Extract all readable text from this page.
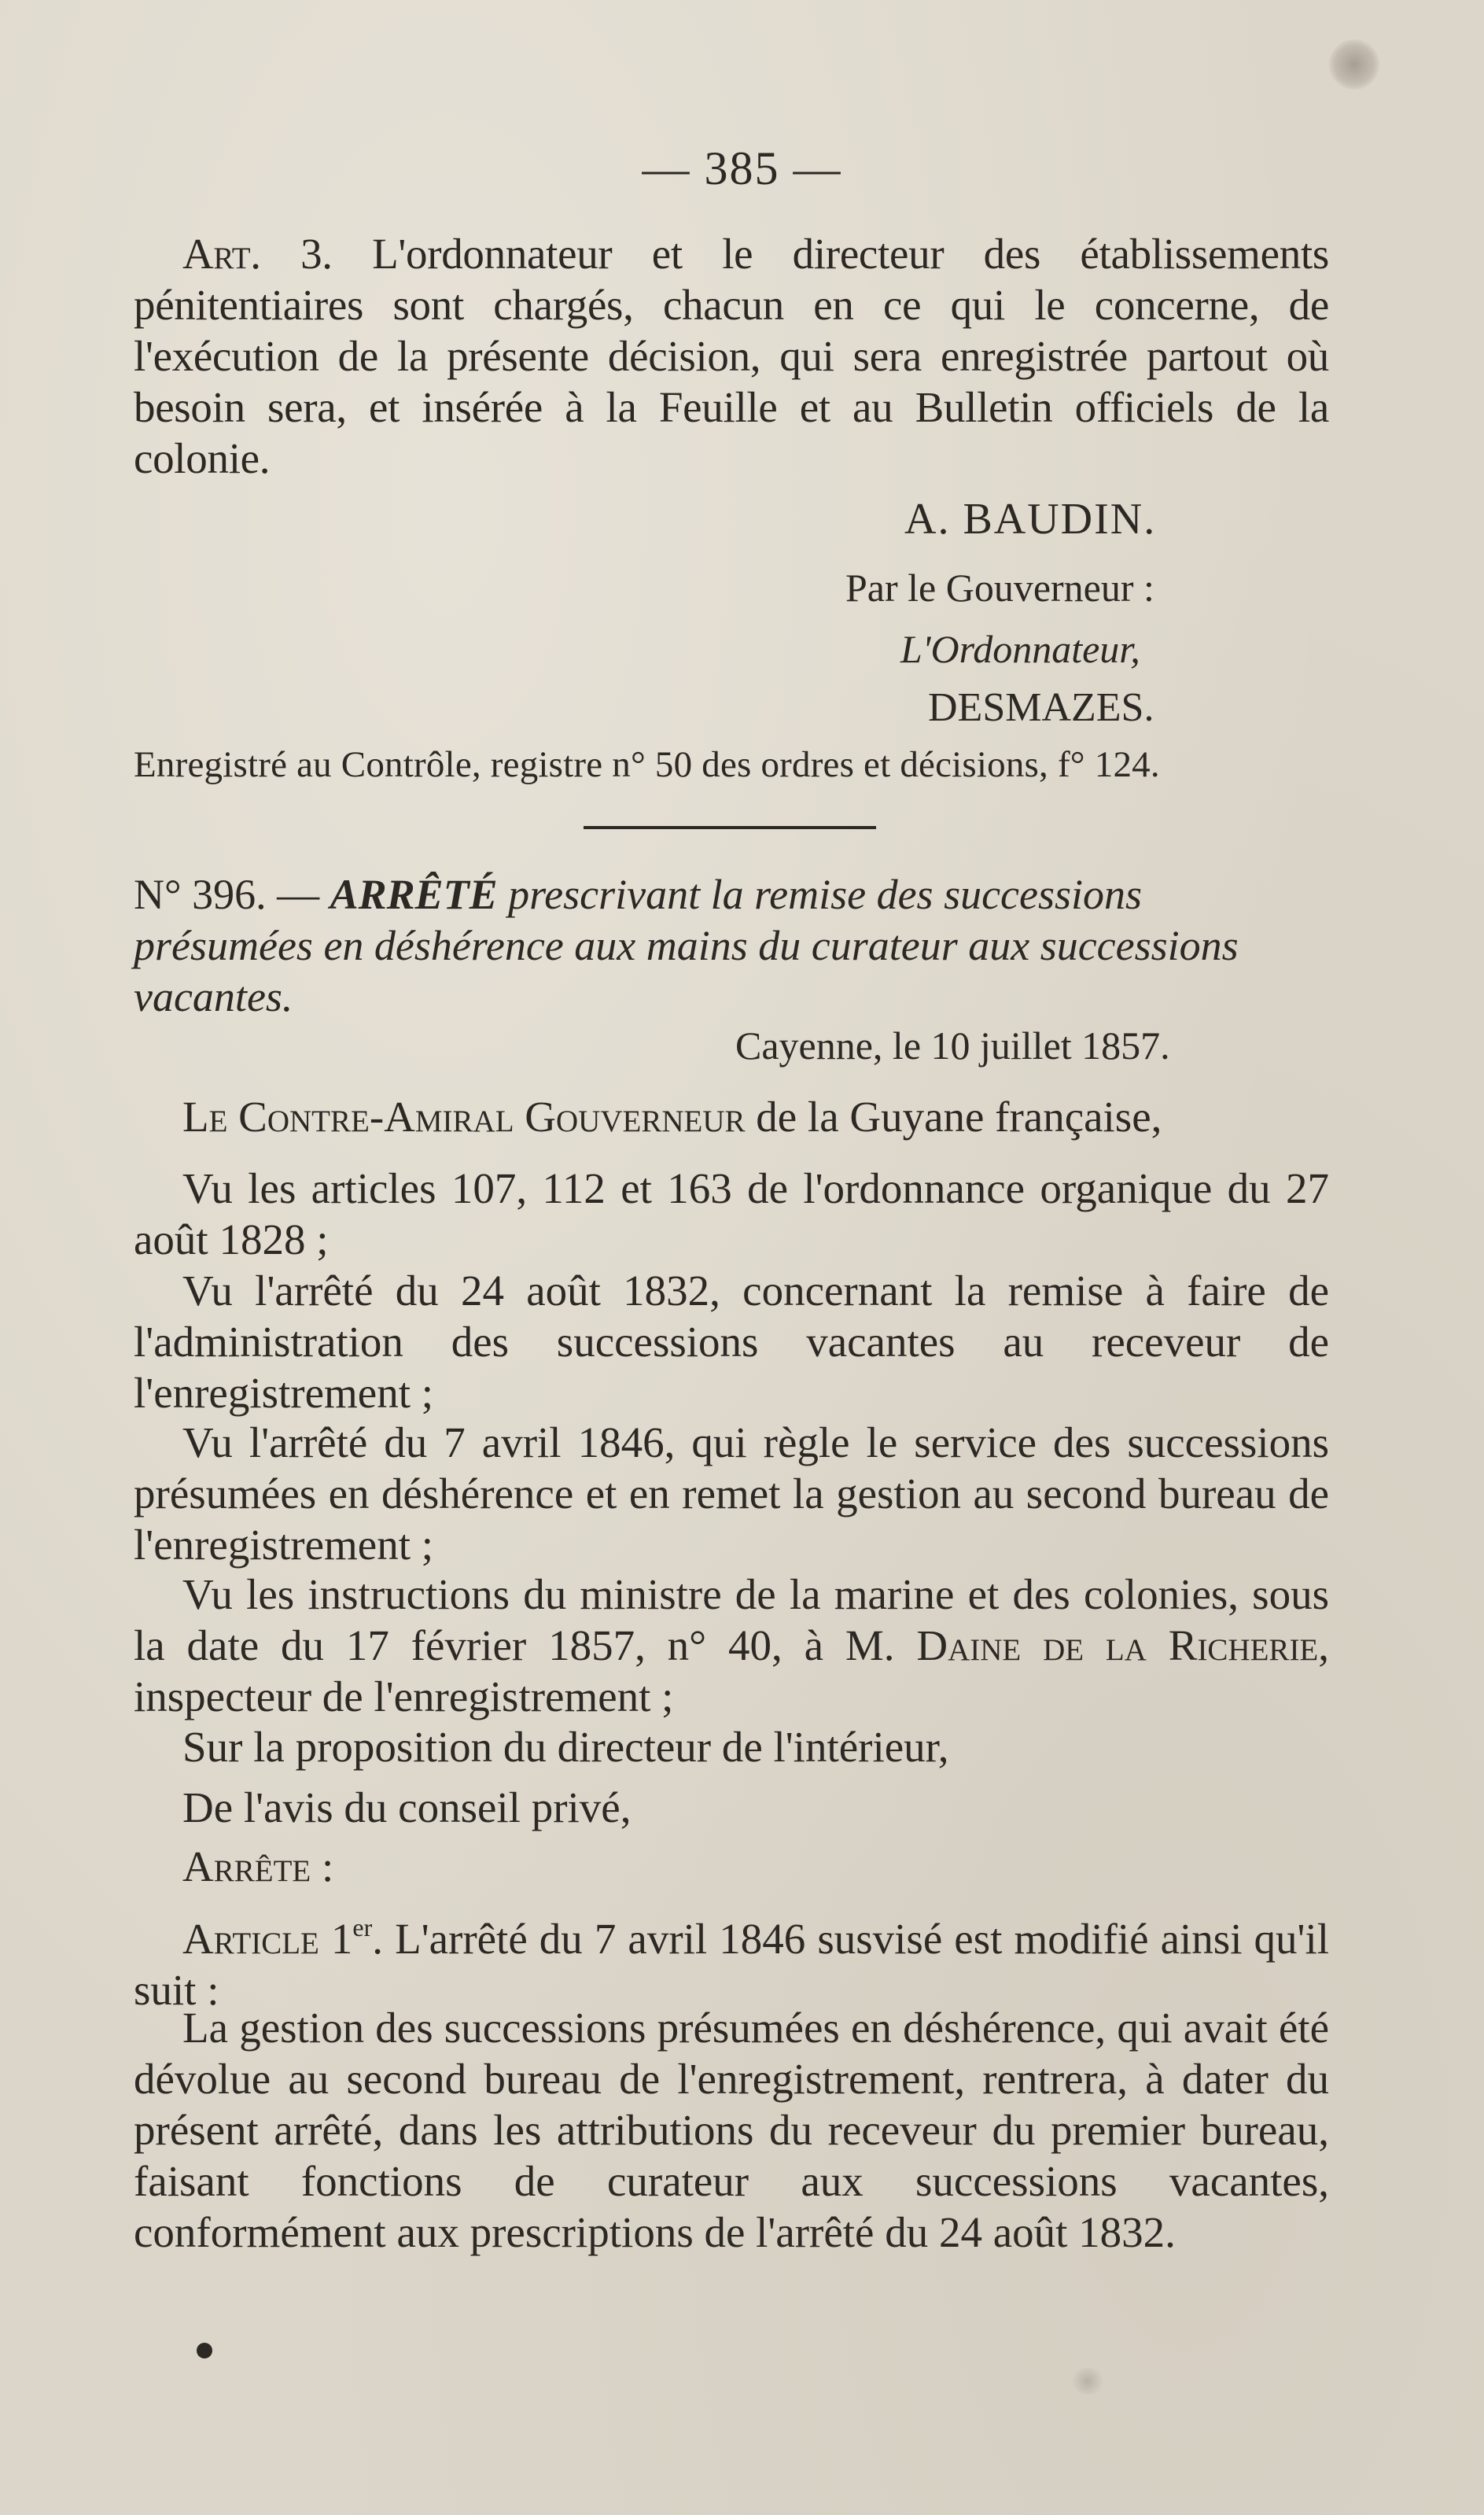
— 385 —
Art. 3. L'ordonnateur et le directeur des établissements pénitentiaires sont chargés, chacun en ce qui le concerne, de l'exécution de la présente décision, qui sera enregistrée partout où besoin sera, et insérée à la Feuille et au Bulletin officiels de la colonie.
A. BAUDIN.
Par le Gouverneur :
L'Ordonnateur,
DESMAZES.
Enregistré au Contrôle, registre n° 50 des ordres et décisions, f° 124.
N° 396. — ARRÊTÉ prescrivant la remise des successions présumées en déshérence aux mains du curateur aux successions vacantes.
Cayenne, le 10 juillet 1857.
Le Contre-Amiral Gouverneur de la Guyane française,
Vu les articles 107, 112 et 163 de l'ordonnance organique du 27 août 1828 ;
Vu l'arrêté du 24 août 1832, concernant la remise à faire de l'administration des successions vacantes au receveur de l'enregistrement ;
Vu l'arrêté du 7 avril 1846, qui règle le service des successions présumées en déshérence et en remet la gestion au second bureau de l'enregistrement ;
Vu les instructions du ministre de la marine et des colonies, sous la date du 17 février 1857, n° 40, à M. Daine de la Richerie, inspecteur de l'enregistrement ;
Sur la proposition du directeur de l'intérieur,
De l'avis du conseil privé,
Arrête :
Article 1er. L'arrêté du 7 avril 1846 susvisé est modifié ainsi qu'il suit :
La gestion des successions présumées en déshérence, qui avait été dévolue au second bureau de l'enregistrement, rentrera, à dater du présent arrêté, dans les attributions du receveur du premier bureau, faisant fonctions de curateur aux successions vacantes, conformément aux prescriptions de l'arrêté du 24 août 1832.
